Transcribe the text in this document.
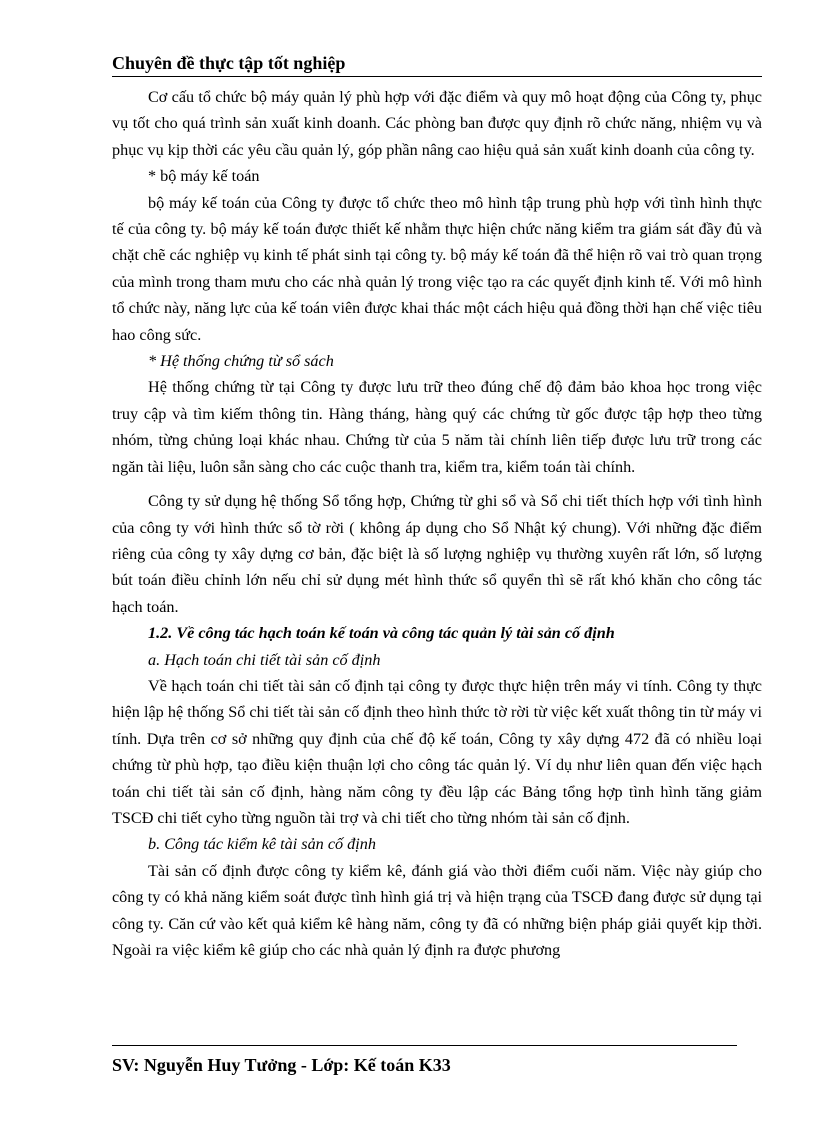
Chuyên đề thực tập tốt nghiệp

Cơ cấu tổ chức bộ máy quản lý phù hợp với đặc điểm và quy mô hoạt động của Công ty, phục vụ tốt cho quá trình sản xuất kinh doanh. Các phòng ban được quy định rõ chức năng, nhiệm vụ và phục vụ kịp thời các yêu cầu quản lý, góp phần nâng cao hiệu quả sản xuất kinh doanh của công ty.

* bộ máy kế toán

bộ máy kế toán của Công ty được tổ chức theo mô hình tập trung phù hợp với tình hình thực tế của công ty. bộ máy kế toán được thiết kế nhằm thực hiện chức năng kiểm tra giám sát đầy đủ và chặt chẽ các nghiệp vụ kinh tế phát sinh tại công ty. bộ máy kế toán đã thể hiện rõ vai trò quan trọng của mình trong tham mưu cho các nhà quản lý trong việc tạo ra các quyết định kinh tế. Với mô hình tổ chức này, năng lực của kế toán viên được khai thác một cách hiệu quả đồng thời hạn chế việc tiêu hao công sức.

* Hệ thống chứng từ sổ sách

Hệ thống chứng từ tại Công ty được lưu trữ theo đúng chế độ đảm bảo khoa học trong việc truy cập và tìm kiếm thông tin. Hàng tháng, hàng quý các chứng từ gốc được tập hợp theo từng nhóm, từng chủng loại khác nhau. Chứng từ của 5 năm tài chính liên tiếp được lưu trữ trong các ngăn tài liệu, luôn sẵn sàng cho các cuộc thanh tra, kiểm tra, kiểm toán tài chính.

Công ty sử dụng hệ thống Sổ tổng hợp, Chứng từ ghi sổ và Sổ chi tiết thích hợp với tình hình của công ty với hình thức sổ tờ rời ( không áp dụng cho Sổ Nhật ký chung). Với những đặc điểm riêng của công ty xây dựng cơ bản, đặc biệt là số lượng nghiệp vụ thường xuyên rất lớn, số lượng bút toán điều chỉnh lớn nếu chỉ sử dụng mét hình thức sổ quyển thì sẽ rất khó khăn cho công tác hạch toán.

1.2. Về công tác hạch toán kế toán và công tác quản lý tài sản cố định

a. Hạch toán chi tiết tài sản cố định

Về hạch toán chi tiết tài sản cố định tại công ty được thực hiện trên máy vi tính. Công ty thực hiện lập hệ thống Sổ chi tiết tài sản cố định theo hình thức tờ rời từ việc kết xuất thông tin từ máy vi tính. Dựa trên cơ sở những quy định của chế độ kế toán, Công ty xây dựng 472 đã có nhiều loại chứng từ phù hợp, tạo điều kiện thuận lợi cho công tác quản lý. Ví dụ như liên quan đến việc hạch toán chi tiết tài sản cố định, hàng năm công ty đều lập các Bảng tổng hợp tình hình tăng giảm TSCĐ chi tiết cyho từng nguồn tài trợ và chi tiết cho từng nhóm tài sản cố định.

b. Công tác kiểm kê tài sản cố định

Tài sản cố định được công ty kiểm kê, đánh giá vào thời điểm cuối năm. Việc này giúp cho công ty có khả năng kiểm soát được tình hình giá trị và hiện trạng của TSCĐ đang được sử dụng tại công ty. Căn cứ vào kết quả kiểm kê hàng năm, công ty đã có những biện pháp giải quyết kịp thời. Ngoài ra việc kiểm kê giúp cho các nhà quản lý định ra được phương

SV: Nguyễn Huy Tưởng - Lớp: Kế toán K33
